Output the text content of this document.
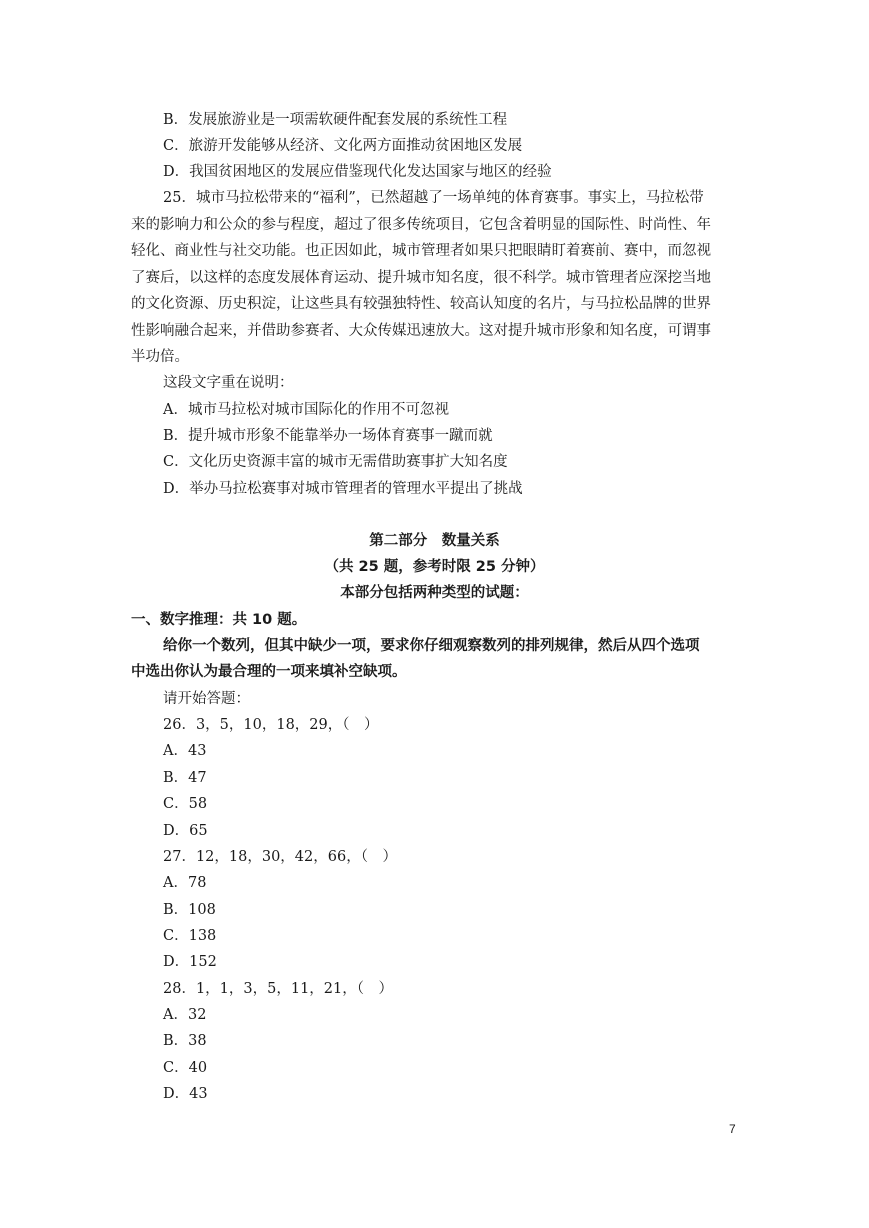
B．发展旅游业是一项需软硬件配套发展的系统性工程
C．旅游开发能够从经济、文化两方面推动贫困地区发展
D．我国贫困地区的发展应借鉴现代化发达国家与地区的经验
25．城市马拉松带来的“福利”，已然超越了一场单纯的体育赛事。事实上，马拉松带
来的影响力和公众的参与程度，超过了很多传统项目，它包含着明显的国际性、时尚性、年
轻化、商业性与社交功能。也正因如此，城市管理者如果只把眼睛盯着赛前、赛中，而忽视
了赛后，以这样的态度发展体育运动、提升城市知名度，很不科学。城市管理者应深挖当地
的文化资源、历史积淀，让这些具有较强独特性、较高认知度的名片，与马拉松品牌的世界
性影响融合起来，并借助参赛者、大众传媒迅速放大。这对提升城市形象和知名度，可谓事
半功倍。
这段文字重在说明：
A．城市马拉松对城市国际化的作用不可忽视
B．提升城市形象不能靠举办一场体育赛事一蹴而就
C．文化历史资源丰富的城市无需借助赛事扩大知名度
D．举办马拉松赛事对城市管理者的管理水平提出了挑战
第二部分　数量关系
（共 25 题，参考时限 25 分钟）
本部分包括两种类型的试题：
一、数字推理：共 10 题。
给你一个数列，但其中缺少一项，要求你仔细观察数列的排列规律，然后从四个选项
中选出你认为最合理的一项来填补空缺项。
请开始答题：
26．3，5，10，18，29，（　）
A．43
B．47
C．58
D．65
27．12，18，30，42，66，（　）
A．78
B．108
C．138
D．152
28．1，1，3，5，11，21，（　）
A．32
B．38
C．40
D．43
7
